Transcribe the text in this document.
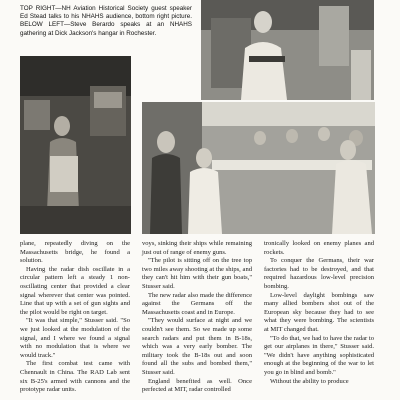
TOP RIGHT—NH Aviation Historical Society guest speaker Ed Stead talks to his NHAHS audience, bottom right picture. BELOW LEFT—Steve Berardo speaks at an NHAHS gathering at Dick Jackson's hangar in Rochester.

plane, repeatedly diving on the Massachusetts bridge, he found a solution.

Having the radar dish oscillate in a circular pattern left a steady 1 non-oscillating center that provided a clear signal wherever that center was pointed. Line that up with a set of gun sights and the pilot would be right on target.

"It was that simple," Stusser said. "So we just looked at the modulation of the signal, and I where we found a signal with no modulation that is where we would track."

The first combat test came with Chennault in China. The RAD Lab sent six B-25's armed with cannons and the prototype radar units.

voys, sinking their ships while remaining just out of range of enemy guns.

"The pilot is sitting off on the tree top two miles away shooting at the ships, and they can't hit him with their gun boats," Stusser said.

The new radar also made the difference against the Germans off the Massachusetts coast and in Europe.

"They would surface at night and we couldn't see them. So we made up some search radars and put them in B-18s, which was a very early bomber. The military took the B-18s out and soon found all the subs and bombed them," Stusser said.

England benefited as well. Once perfected at MIT, radar controlled

tronically looked on enemy planes and rockets.

To conquer the Germans, their war factories had to be destroyed, and that required hazardous low-level precision bombing.

Low-level daylight bombings saw many allied bombers shot out of the European sky because they had to see what they were bombing. The scientists at MIT changed that.

"To do that, we had to have the radar to get our airplanes in there," Stusser said. "We didn't have anything sophisticated enough at the beginning of the war to let you go in blind and bomb."

Without the ability to produce
